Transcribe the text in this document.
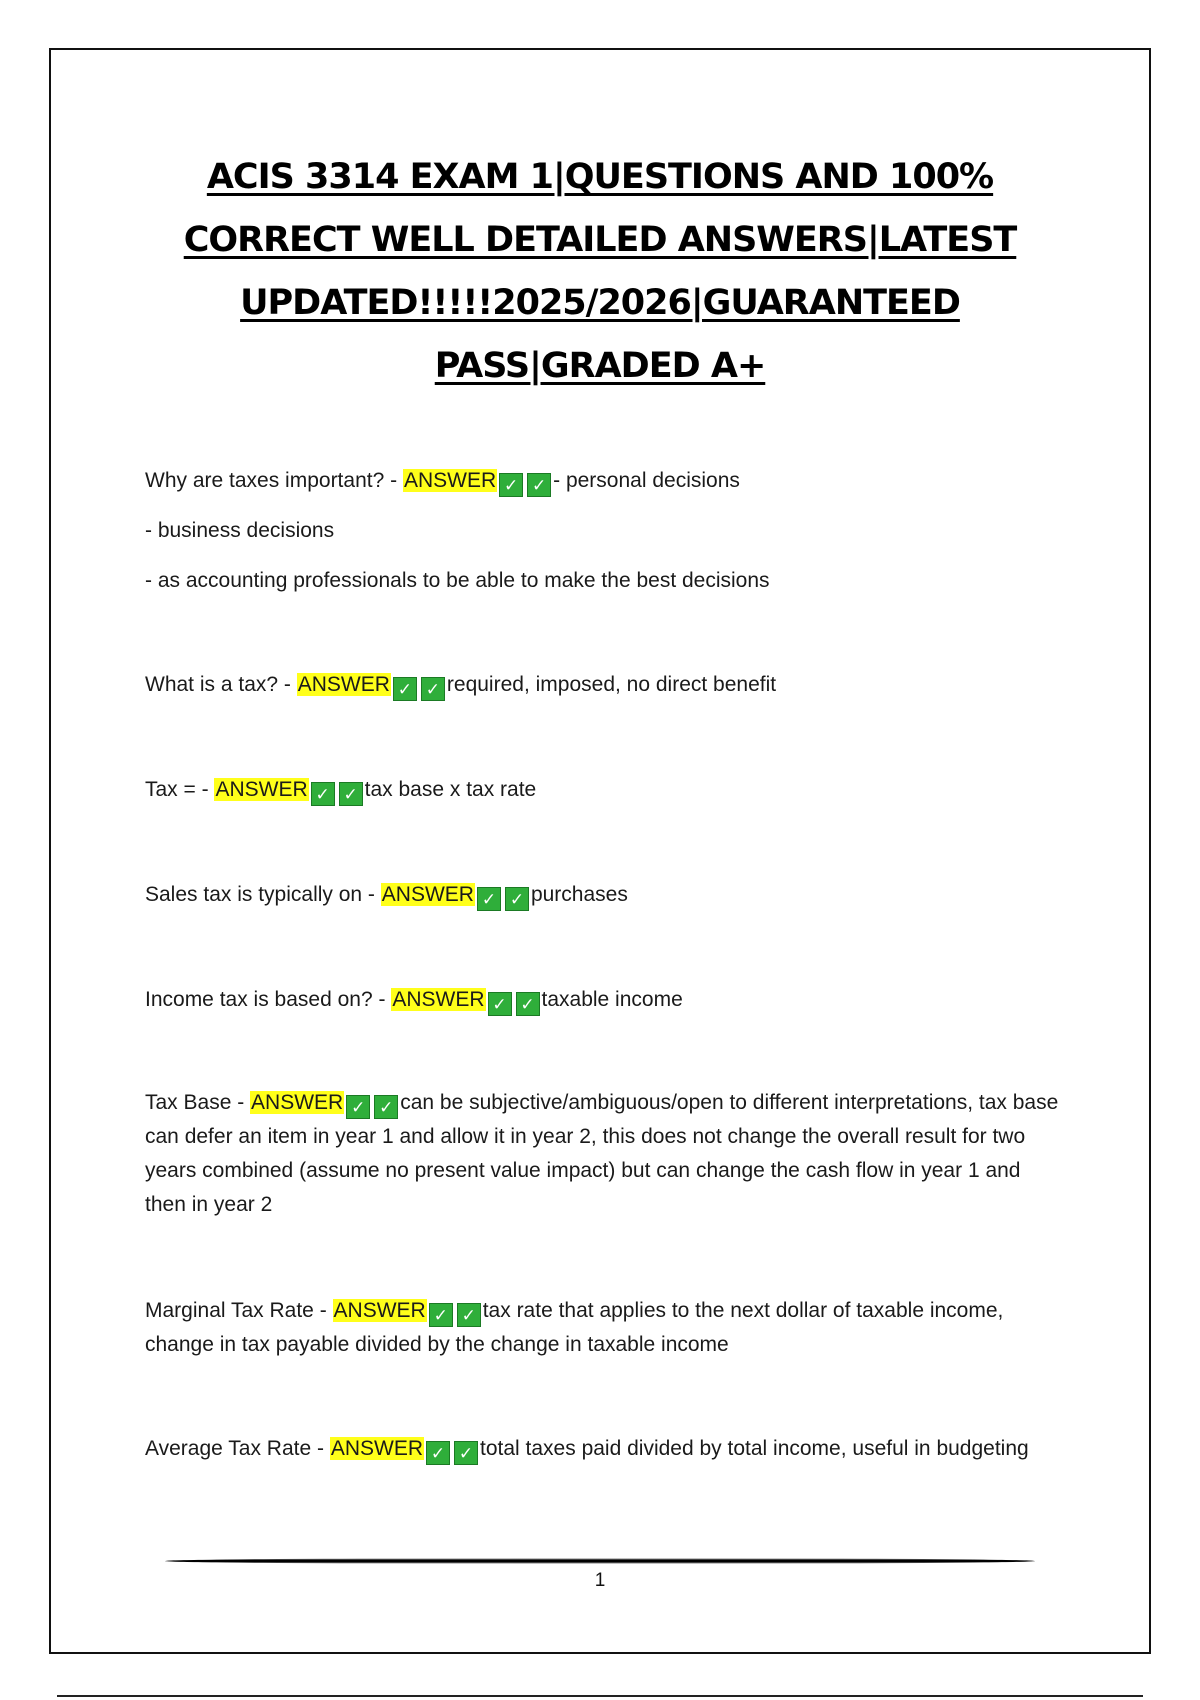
ACIS 3314 EXAM 1|QUESTIONS AND 100%
CORRECT WELL DETAILED ANSWERS|LATEST
UPDATED!!!!!2025/2026|GUARANTEED
PASS|GRADED A+
Why are taxes important? - ANSWER ✓ ✓ - personal decisions
- business decisions
- as accounting professionals to be able to make the best decisions
What is a tax? - ANSWER ✓ ✓ required, imposed, no direct benefit
Tax = - ANSWER ✓ ✓ tax base x tax rate
Sales tax is typically on - ANSWER ✓ ✓ purchases
Income tax is based on? - ANSWER ✓ ✓ taxable income
Tax Base - ANSWER ✓ ✓ can be subjective/ambiguous/open to different interpretations, tax base can defer an item in year 1 and allow it in year 2, this does not change the overall result for two years combined (assume no present value impact) but can change the cash flow in year 1 and then in year 2
Marginal Tax Rate - ANSWER ✓ ✓ tax rate that applies to the next dollar of taxable income, change in tax payable divided by the change in taxable income
Average Tax Rate - ANSWER ✓ ✓ total taxes paid divided by total income, useful in budgeting
1
